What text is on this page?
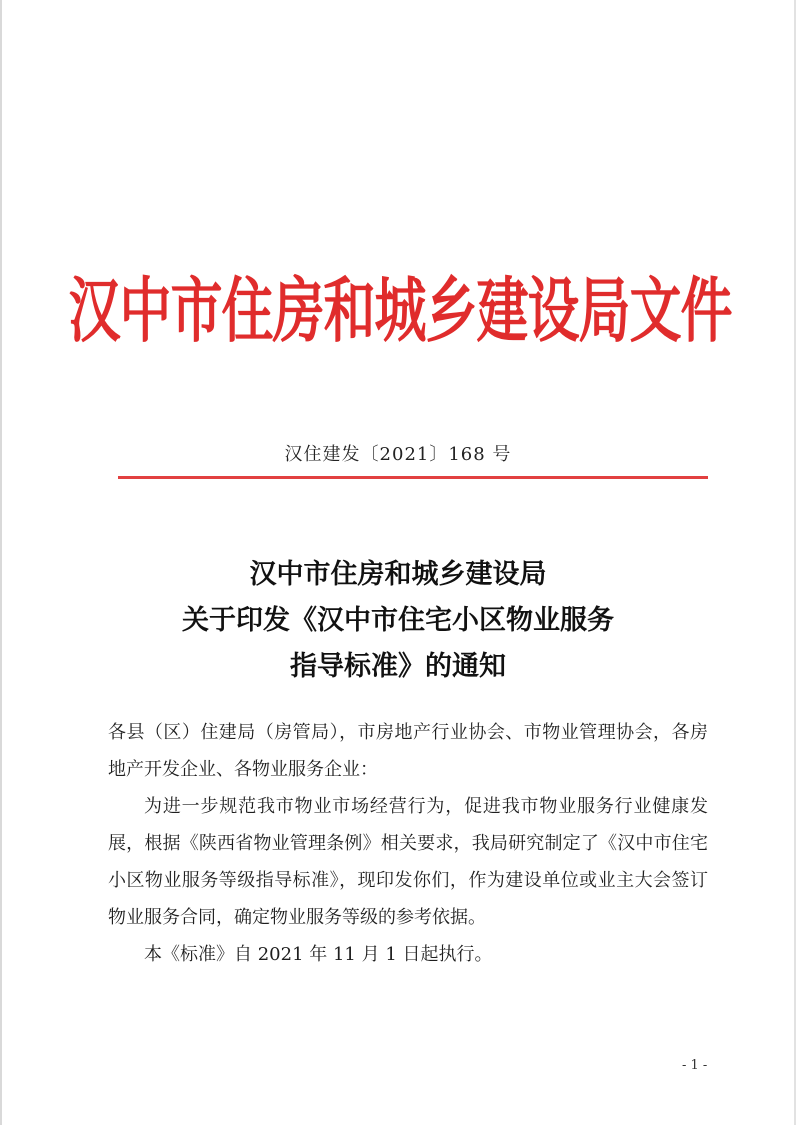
汉中市住房和城乡建设局文件
汉住建发〔2021〕168 号
汉中市住房和城乡建设局
关于印发《汉中市住宅小区物业服务
指导标准》的通知

各县（区）住建局（房管局），市房地产行业协会、市物业管理协会，各房地产开发企业、各物业服务企业：

为进一步规范我市物业市场经营行为，促进我市物业服务行业健康发展，根据《陕西省物业管理条例》相关要求，我局研究制定了《汉中市住宅小区物业服务等级指导标准》，现印发你们，作为建设单位或业主大会签订物业服务合同，确定物业服务等级的参考依据。

本《标准》自 2021 年 11 月 1 日起执行。

- 1 -
